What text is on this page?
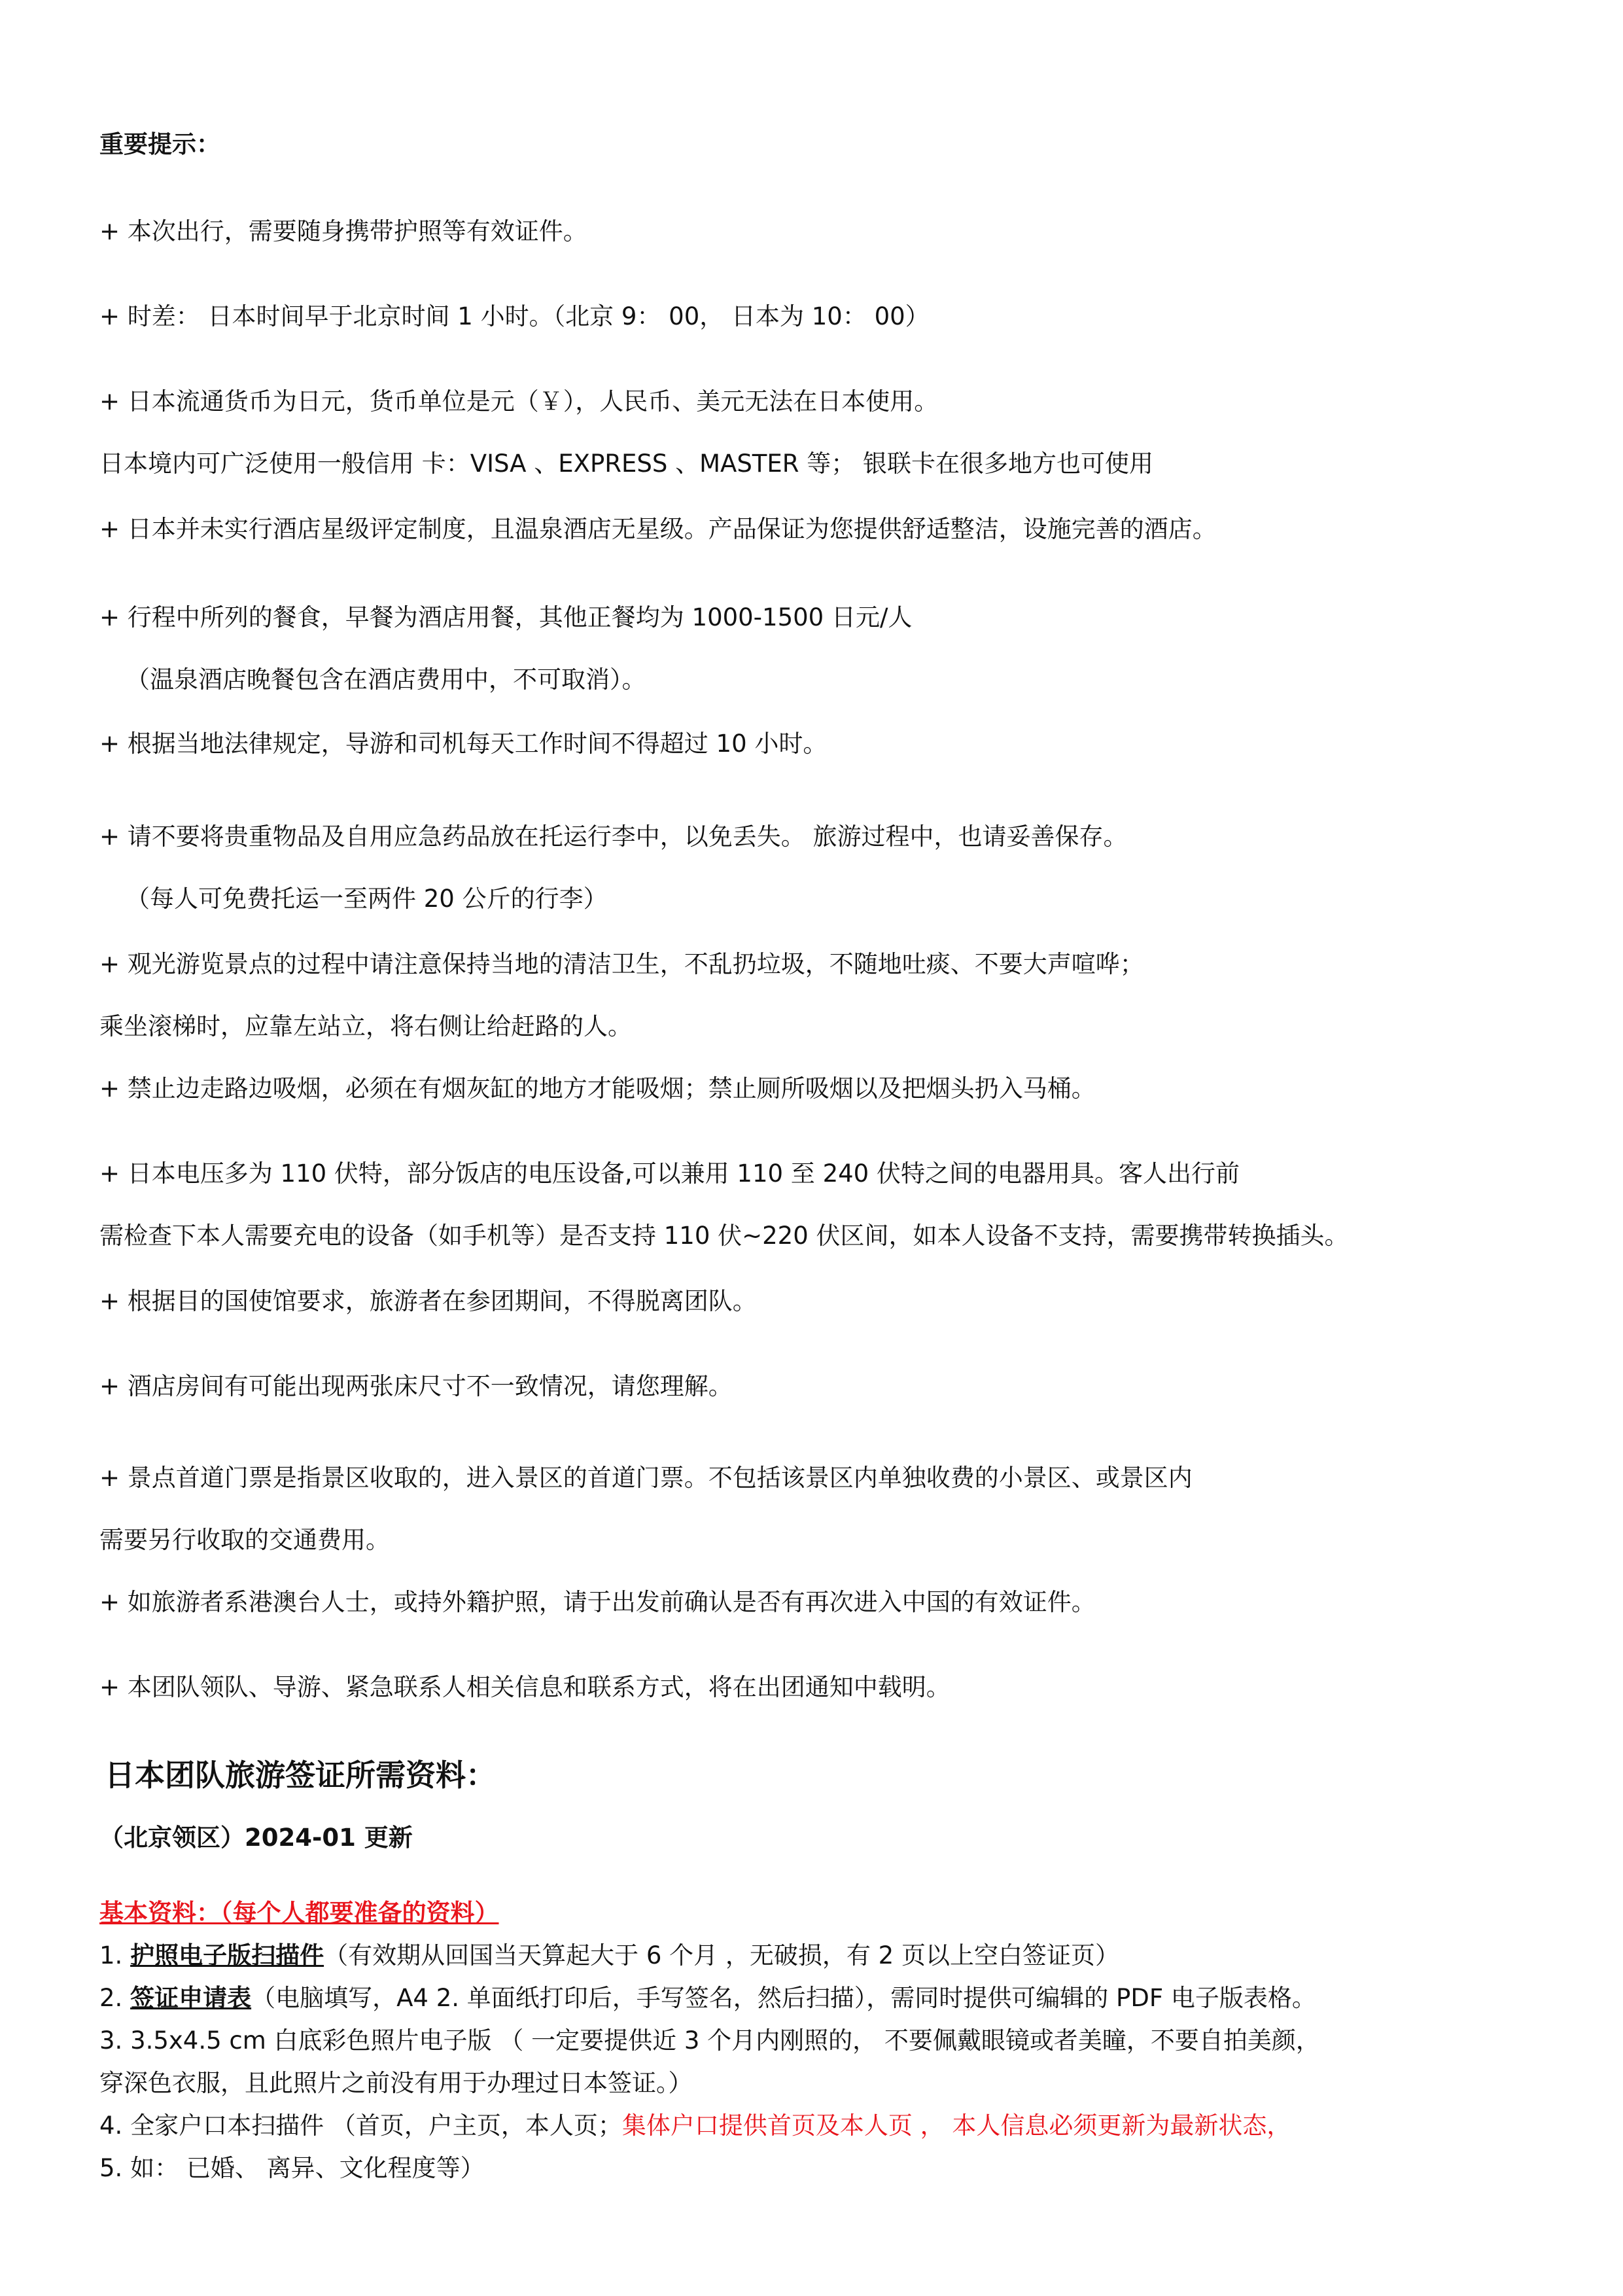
重要提示：
+ 本次出行，需要随身携带护照等有效证件。
+ 时差： 日本时间早于北京时间 1 小时。（北京 9： 00， 日本为 10： 00）
+ 日本流通货币为日元，货币单位是元（￥），人民币、美元无法在日本使用。
日本境内可广泛使用一般信用 卡：VISA 、EXPRESS 、MASTER 等； 银联卡在很多地方也可使用
+ 日本并未实行酒店星级评定制度，且温泉酒店无星级。产品保证为您提供舒适整洁，设施完善的酒店。
+ 行程中所列的餐食，早餐为酒店用餐，其他正餐均为 1000-1500 日元/人
（温泉酒店晚餐包含在酒店费用中，不可取消）。
+ 根据当地法律规定，导游和司机每天工作时间不得超过 10 小时。
+ 请不要将贵重物品及自用应急药品放在托运行李中，以免丢失。 旅游过程中，也请妥善保存。
（每人可免费托运一至两件 20 公斤的行李）
+ 观光游览景点的过程中请注意保持当地的清洁卫生，不乱扔垃圾，不随地吐痰、不要大声喧哗；
乘坐滚梯时，应靠左站立，将右侧让给赶路的人。
+ 禁止边走路边吸烟，必须在有烟灰缸的地方才能吸烟；禁止厕所吸烟以及把烟头扔入马桶。
+ 日本电压多为 110 伏特，部分饭店的电压设备,可以兼用 110 至 240 伏特之间的电器用具。客人出行前
需检查下本人需要充电的设备（如手机等）是否支持 110 伏~220 伏区间，如本人设备不支持，需要携带转换插头。
+ 根据目的国使馆要求，旅游者在参团期间，不得脱离团队。
+ 酒店房间有可能出现两张床尺寸不一致情况，请您理解。
+ 景点首道门票是指景区收取的，进入景区的首道门票。不包括该景区内单独收费的小景区、或景区内
需要另行收取的交通费用。
+ 如旅游者系港澳台人士，或持外籍护照，请于出发前确认是否有再次进入中国的有效证件。
+ 本团队领队、导游、紧急联系人相关信息和联系方式，将在出团通知中载明。
日本团队旅游签证所需资料：
（北京领区）2024-01 更新
基本资料：（每个人都要准备的资料）
1. 护照电子版扫描件（有效期从回国当天算起大于 6 个月 ，无破损，有 2 页以上空白签证页）
2. 签证申请表（电脑填写，A4 2. 单面纸打印后，手写签名，然后扫描），需同时提供可编辑的 PDF 电子版表格。
3. 3.5x4.5 cm 白底彩色照片电子版 （ 一定要提供近 3 个月内刚照的， 不要佩戴眼镜或者美瞳，不要自拍美颜，
穿深色衣服，且此照片之前没有用于办理过日本签证。）
4. 全家户口本扫描件 （首页，户主页，本人页；集体户口提供首页及本人页 ， 本人信息必须更新为最新状态，
5. 如： 已婚、 离异、文化程度等）
